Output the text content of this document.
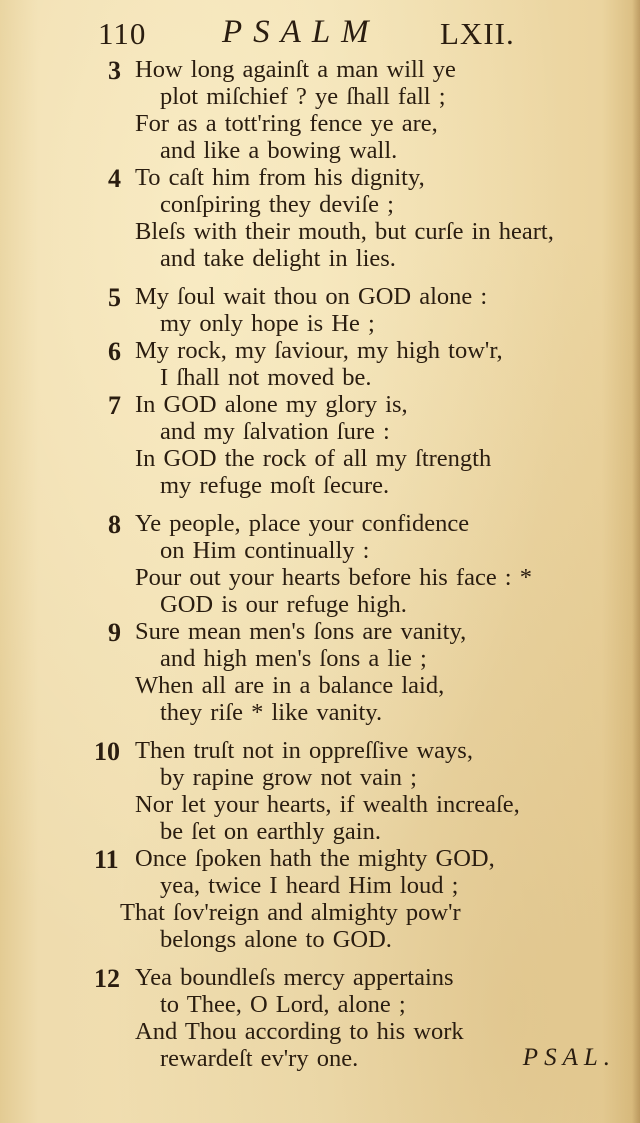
110 PSALM LXII.
3 How long againſt a man will ye
plot miſchief ? ye ſhall fall ;
For as a tott'ring fence ye are,
and like a bowing wall.
4 To caſt him from his dignity,
conſpiring they deviſe ;
Bleſs with their mouth, but curſe in heart,
and take delight in lies.
5 My ſoul wait thou on GOD alone :
my only hope is He ;
6 My rock, my ſaviour, my high tow'r,
I ſhall not moved be.
7 In GOD alone my glory is,
and my ſalvation ſure :
In GOD the rock of all my ſtrength
my refuge moſt ſecure.
8 Ye people, place your confidence
on Him continually :
Pour out your hearts before his face : *
GOD is our refuge high.
9 Sure mean men's ſons are vanity,
and high men's ſons a lie ;
When all are in a balance laid,
they riſe * like vanity.
10 Then truſt not in oppreſſive ways,
by rapine grow not vain ;
Nor let your hearts, if wealth increaſe,
be ſet on earthly gain.
11 Once ſpoken hath the mighty GOD,
yea, twice I heard Him loud ;
That ſov'reign and almighty pow'r
belongs alone to GOD.
12 Yea boundleſs mercy appertains
to Thee, O Lord, alone ;
And Thou according to his work
rewardeſt ev'ry one.	PSAL.
